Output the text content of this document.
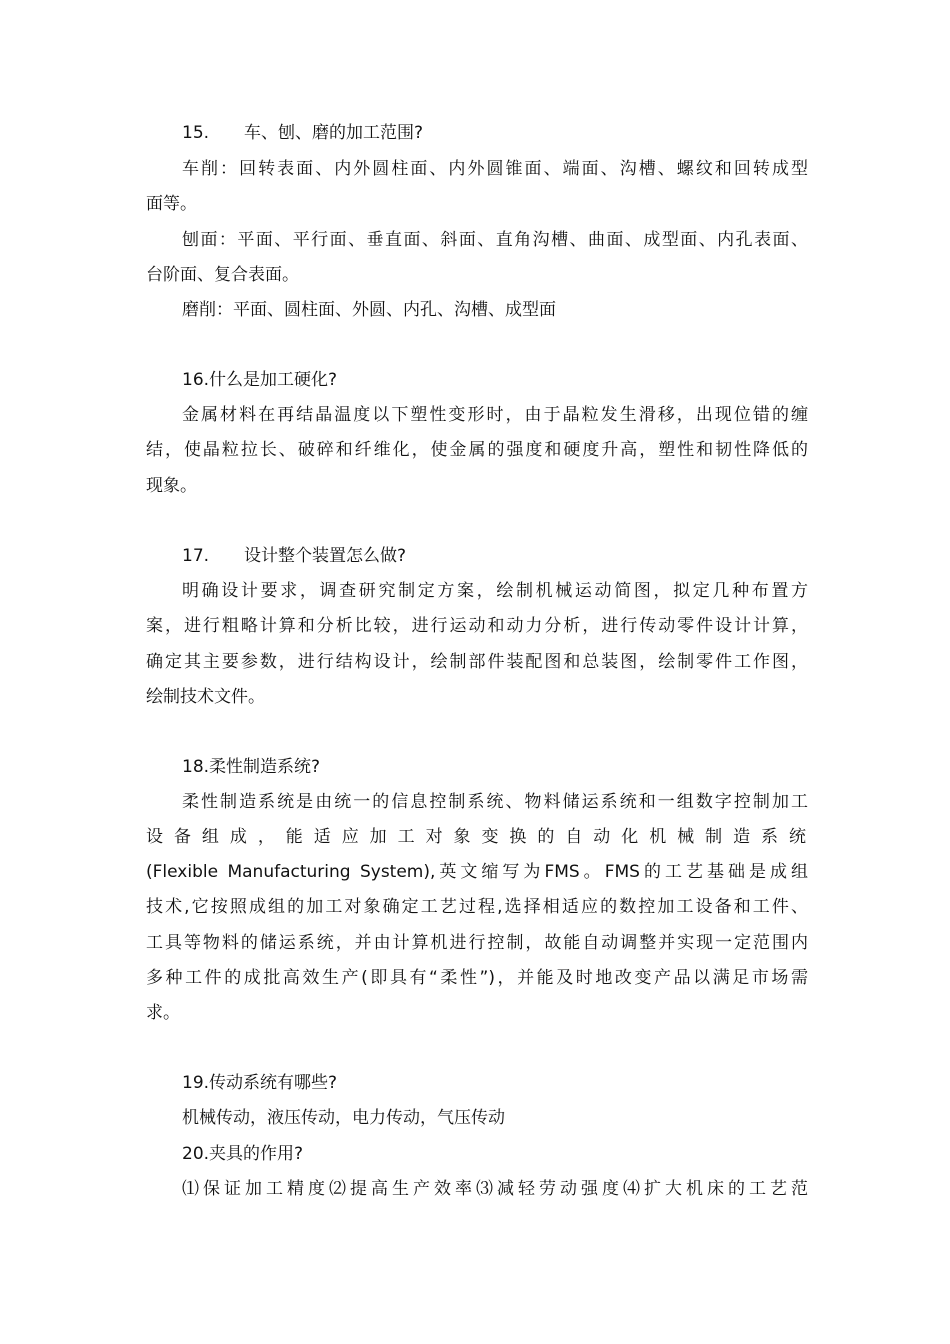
15. 车、刨、磨的加工范围?
车削：回转表面、内外圆柱面、内外圆锥面、端面、沟槽、螺纹和回转成型
面等。
刨面：平面、平行面、垂直面、斜面、直角沟槽、曲面、成型面、内孔表面、
台阶面、复合表面。
磨削：平面、圆柱面、外圆、内孔、沟槽、成型面
16.什么是加工硬化?
金属材料在再结晶温度以下塑性变形时，由于晶粒发生滑移，出现位错的缠
结，使晶粒拉长、破碎和纤维化，使金属的强度和硬度升高，塑性和韧性降低的
现象。
17. 设计整个装置怎么做?
明确设计要求，调查研究制定方案，绘制机械运动简图，拟定几种布置方
案，进行粗略计算和分析比较，进行运动和动力分析，进行传动零件设计计算，
确定其主要参数，进行结构设计，绘制部件装配图和总装图，绘制零件工作图，
绘制技术文件。
18.柔性制造系统?
柔性制造系统是由统一的信息控制系统、物料储运系统和一组数字控制加工
设备组成，能适应加工对象变换的自动化机械制造系统
(Flexible Manufacturing System),英文缩写为FMS。FMS的工艺基础是成组
技术,它按照成组的加工对象确定工艺过程,选择相适应的数控加工设备和工件、
工具等物料的储运系统，并由计算机进行控制，故能自动调整并实现一定范围内
多种工件的成批高效生产(即具有“柔性”)，并能及时地改变产品以满足市场需
求。
19.传动系统有哪些?
机械传动，液压传动，电力传动，气压传动
20.夹具的作用?
⑴保证加工精度⑵提高生产效率⑶减轻劳动强度⑷扩大机床的工艺范
